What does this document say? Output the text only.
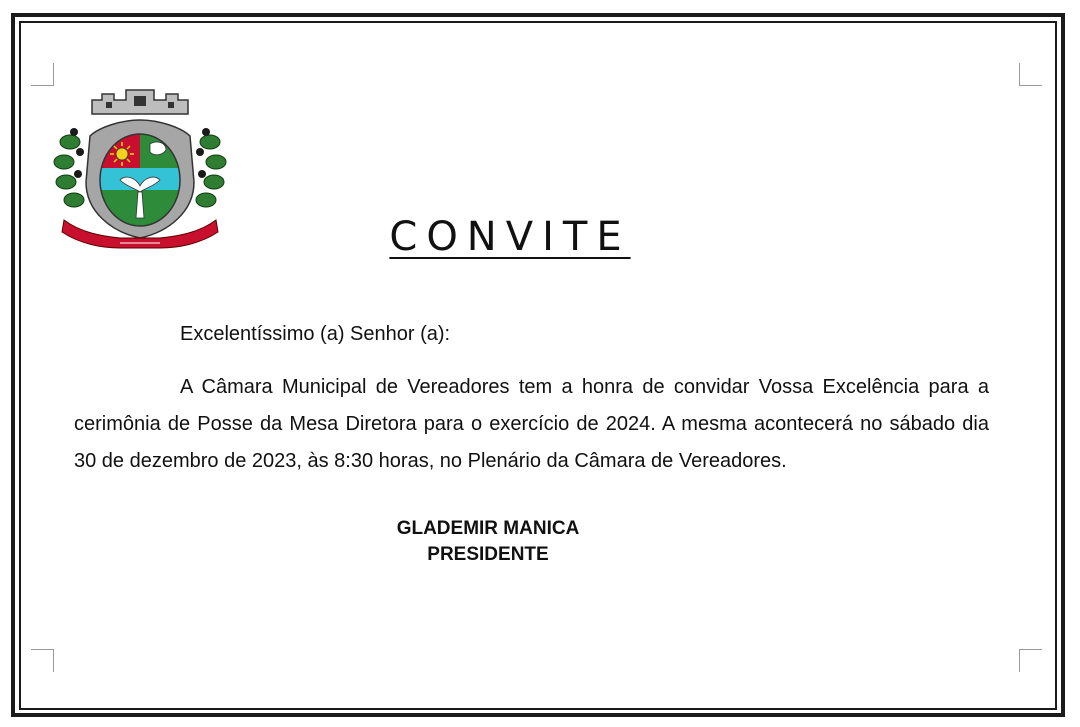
CONVITE

Excelentíssimo (a) Senhor (a):

A Câmara Municipal de Vereadores tem a honra de convidar Vossa Excelência para a cerimônia de Posse da Mesa Diretora para o exercício de 2024. A mesma acontecerá no sábado dia 30 de dezembro de 2023, às 8:30 horas, no Plenário da Câmara de Vereadores.

GLADEMIR MANICA
PRESIDENTE
